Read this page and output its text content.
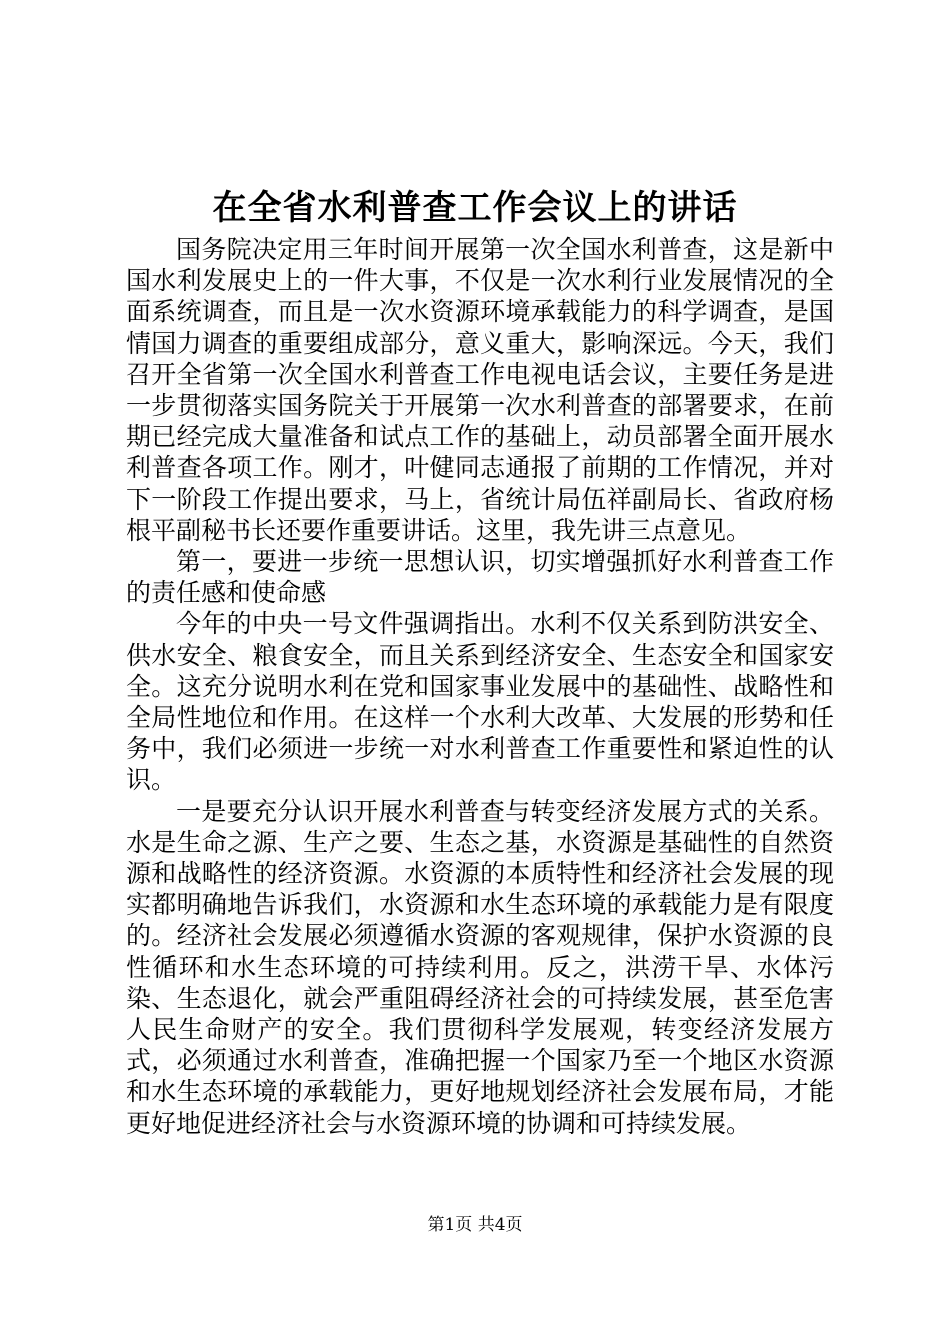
在全省水利普查工作会议上的讲话

国务院决定用三年时间开展第一次全国水利普查，这是新中国水利发展史上的一件大事，不仅是一次水利行业发展情况的全面系统调查，而且是一次水资源环境承载能力的科学调查，是国情国力调查的重要组成部分，意义重大，影响深远。今天，我们召开全省第一次全国水利普查工作电视电话会议，主要任务是进一步贯彻落实国务院关于开展第一次水利普查的部署要求，在前期已经完成大量准备和试点工作的基础上，动员部署全面开展水利普查各项工作。刚才，叶健同志通报了前期的工作情况，并对下一阶段工作提出要求，马上，省统计局伍祥副局长、省政府杨根平副秘书长还要作重要讲话。这里，我先讲三点意见。

第一，要进一步统一思想认识，切实增强抓好水利普查工作的责任感和使命感

今年的中央一号文件强调指出。水利不仅关系到防洪安全、供水安全、粮食安全，而且关系到经济安全、生态安全和国家安全。这充分说明水利在党和国家事业发展中的基础性、战略性和全局性地位和作用。在这样一个水利大改革、大发展的形势和任务中，我们必须进一步统一对水利普查工作重要性和紧迫性的认识。

一是要充分认识开展水利普查与转变经济发展方式的关系。水是生命之源、生产之要、生态之基，水资源是基础性的自然资源和战略性的经济资源。水资源的本质特性和经济社会发展的现实都明确地告诉我们，水资源和水生态环境的承载能力是有限度的。经济社会发展必须遵循水资源的客观规律，保护水资源的良性循环和水生态环境的可持续利用。反之，洪涝干旱、水体污染、生态退化，就会严重阻碍经济社会的可持续发展，甚至危害人民生命财产的安全。我们贯彻科学发展观，转变经济发展方式，必须通过水利普查，准确把握一个国家乃至一个地区水资源和水生态环境的承载能力，更好地规划经济社会发展布局，才能更好地促进经济社会与水资源环境的协调和可持续发展。

第1页 共4页
